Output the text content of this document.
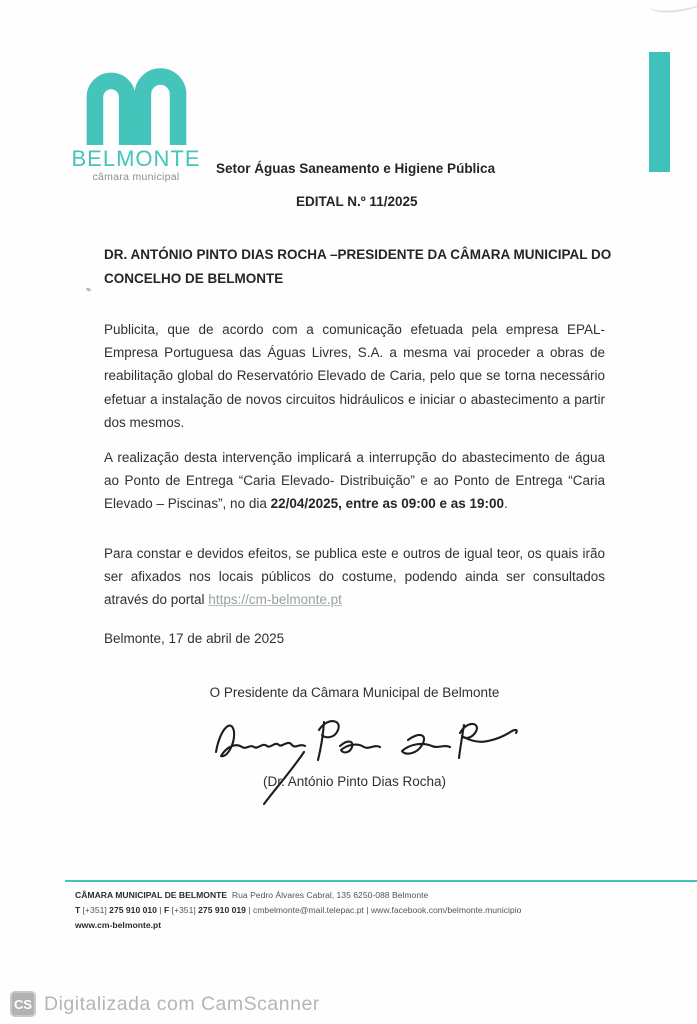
BELMONTE
câmara municipal
Setor Águas Saneamento e Higiene Pública
EDITAL N.º 11/2025
DR. ANTÓNIO PINTO DIAS ROCHA –PRESIDENTE DA CÂMARA MUNICIPAL DO CONCELHO DE BELMONTE
Publicita, que de acordo com a comunicação efetuada pela empresa EPAL-Empresa Portuguesa das Águas Livres, S.A. a mesma vai proceder a obras de reabilitação global do Reservatório Elevado de Caria, pelo que se torna necessário efetuar a instalação de novos circuitos hidráulicos e iniciar o abastecimento a partir dos mesmos.
A realização desta intervenção implicará a interrupção do abastecimento de água ao Ponto de Entrega “Caria Elevado- Distribuição” e ao Ponto de Entrega “Caria Elevado – Piscinas”, no dia 22/04/2025, entre as 09:00 e as 19:00.
Para constar e devidos efeitos, se publica este e outros de igual teor, os quais irão ser afixados nos locais públicos do costume, podendo ainda ser consultados através do portal https://cm-belmonte.pt
Belmonte, 17 de abril de 2025
O Presidente da Câmara Municipal de Belmonte
(Dr. António Pinto Dias Rocha)
CÂMARA MUNICIPAL DE BELMONTE Rua Pedro Álvares Cabral, 135 6250-088 Belmonte
T [+351] 275 910 010 | F [+351] 275 910 019 | cmbelmonte@mail.telepac.pt | www.facebook.com/belmonte.municipio
www.cm-belmonte.pt
CS Digitalizada com CamScanner
